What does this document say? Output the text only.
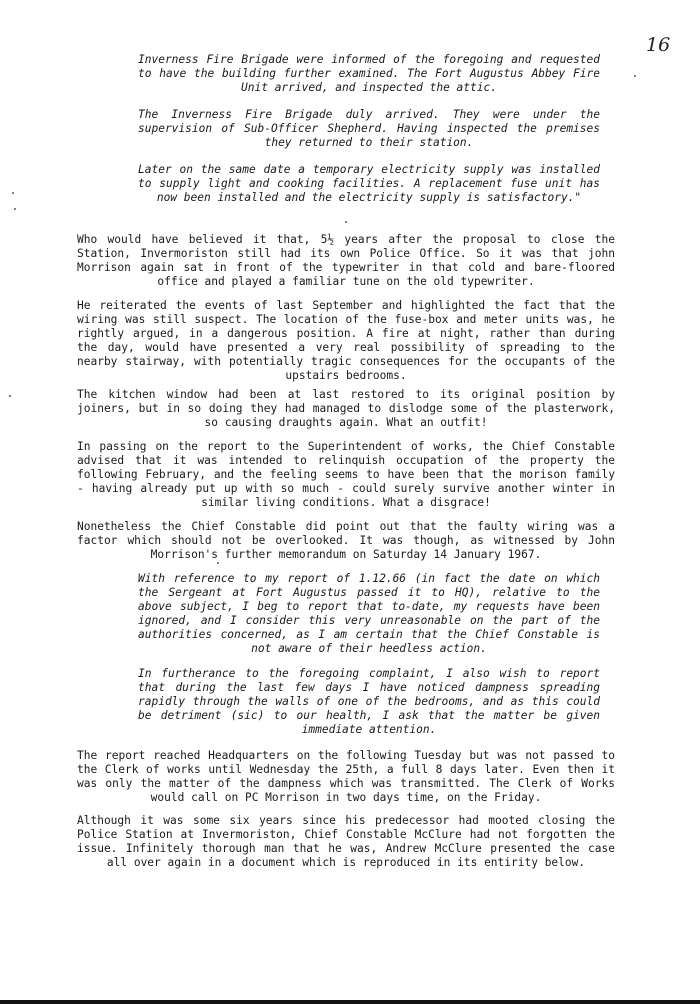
16

Inverness Fire Brigade were informed of the foregoing and requested to have the building further examined. The Fort Augustus Abbey Fire Unit arrived, and inspected the attic.

The Inverness Fire Brigade duly arrived. They were under the supervision of Sub-Officer Shepherd. Having inspected the premises they returned to their station.

Later on the same date a temporary electricity supply was installed to supply light and cooking facilities. A replacement fuse unit has now been installed and the electricity supply is satisfactory."

Who would have believed it that, 5½ years after the proposal to close the Station, Invermoriston still had its own Police Office. So it was that john Morrison again sat in front of the typewriter in that cold and bare-floored office and played a familiar tune on the old typewriter.

He reiterated the events of last September and highlighted the fact that the wiring was still suspect. The location of the fuse-box and meter units was, he rightly argued, in a dangerous position. A fire at night, rather than during the day, would have presented a very real possibility of spreading to the nearby stairway, with potentially tragic consequences for the occupants of the upstairs bedrooms.

The kitchen window had been at last restored to its original position by joiners, but in so doing they had managed to dislodge some of the plasterwork, so causing draughts again. What an outfit!

In passing on the report to the Superintendent of works, the Chief Constable advised that it was intended to relinquish occupation of the property the following February, and the feeling seems to have been that the morison family - having already put up with so much - could surely survive another winter in similar living conditions. What a disgrace!

Nonetheless the Chief Constable did point out that the faulty wiring was a factor which should not be overlooked. It was though, as witnessed by John Morrison's further memorandum on Saturday 14 January 1967.

With reference to my report of 1.12.66 (in fact the date on which the Sergeant at Fort Augustus passed it to HQ), relative to the above subject, I beg to report that to-date, my requests have been ignored, and I consider this very unreasonable on the part of the authorities concerned, as I am certain that the Chief Constable is not aware of their heedless action.

In furtherance to the foregoing complaint, I also wish to report that during the last few days I have noticed dampness spreading rapidly through the walls of one of the bedrooms, and as this could be detriment (sic) to our health, I ask that the matter be given immediate attention.

The report reached Headquarters on the following Tuesday but was not passed to the Clerk of works until Wednesday the 25th, a full 8 days later. Even then it was only the matter of the dampness which was transmitted. The Clerk of Works would call on PC Morrison in two days time, on the Friday.

Although it was some six years since his predecessor had mooted closing the Police Station at Invermoriston, Chief Constable McClure had not forgotten the issue. Infinitely thorough man that he was, Andrew McClure presented the case all over again in a document which is reproduced in its entirity below.
